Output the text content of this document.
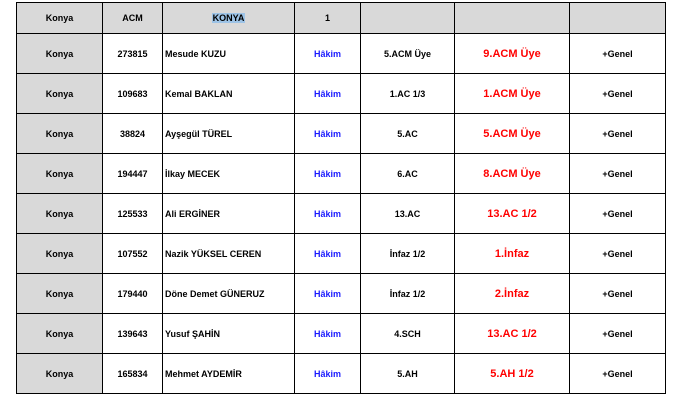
Konya	ACM	KONYA	1			
Konya	273815	Mesude KUZU	Hâkim	5.ACM Üye	9.ACM Üye	+Genel
Konya	109683	Kemal BAKLAN	Hâkim	1.AC 1/3	1.ACM Üye	+Genel
Konya	38824	Ayşegül TÜREL	Hâkim	5.AC	5.ACM Üye	+Genel
Konya	194447	İlkay MECEK	Hâkim	6.AC	8.ACM Üye	+Genel
Konya	125533	Ali ERGİNER	Hâkim	13.AC	13.AC 1/2	+Genel
Konya	107552	Nazik YÜKSEL CEREN	Hâkim	İnfaz 1/2	1.İnfaz	+Genel
Konya	179440	Döne Demet GÜNERUZ	Hâkim	İnfaz 1/2	2.İnfaz	+Genel
Konya	139643	Yusuf ŞAHİN	Hâkim	4.SCH	13.AC 1/2	+Genel
Konya	165834	Mehmet AYDEMİR	Hâkim	5.AH	5.AH 1/2	+Genel
